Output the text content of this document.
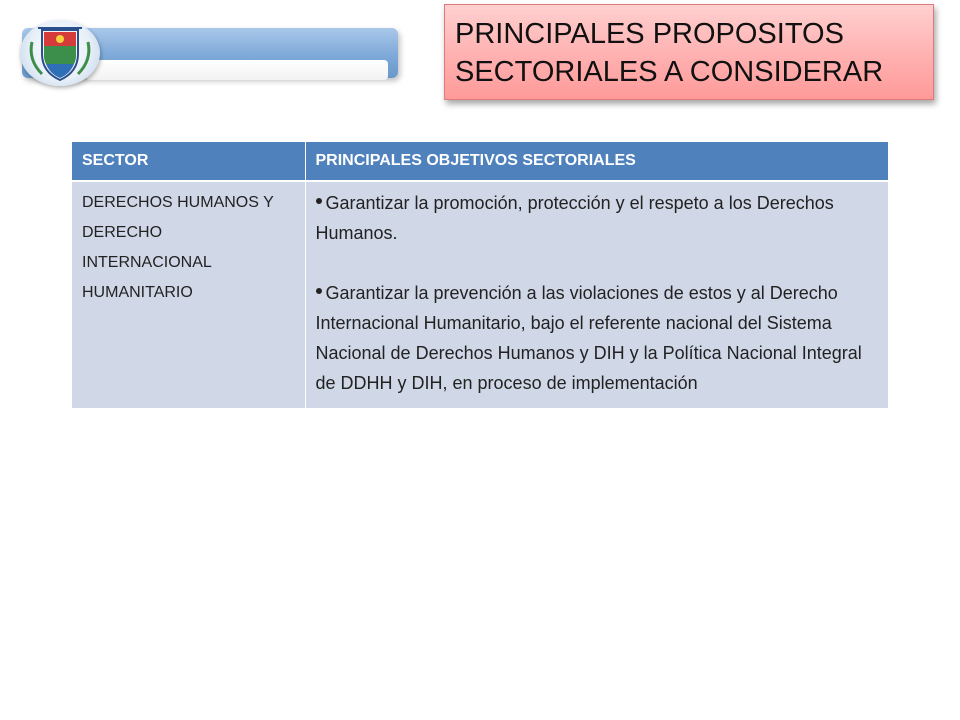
PRINCIPALES PROPOSITOS SECTORIALES A CONSIDERAR
SECTOR	PRINCIPALES OBJETIVOS SECTORIALES
DERECHOS HUMANOS Y DERECHO INTERNACIONAL HUMANITARIO	Garantizar la promoción, protección y el respeto a los Derechos Humanos.

Garantizar la prevención a las violaciones de estos y al Derecho Internacional Humanitario, bajo el referente nacional del Sistema Nacional de Derechos Humanos y DIH y la Política Nacional Integral de DDHH y DIH, en proceso de implementación
